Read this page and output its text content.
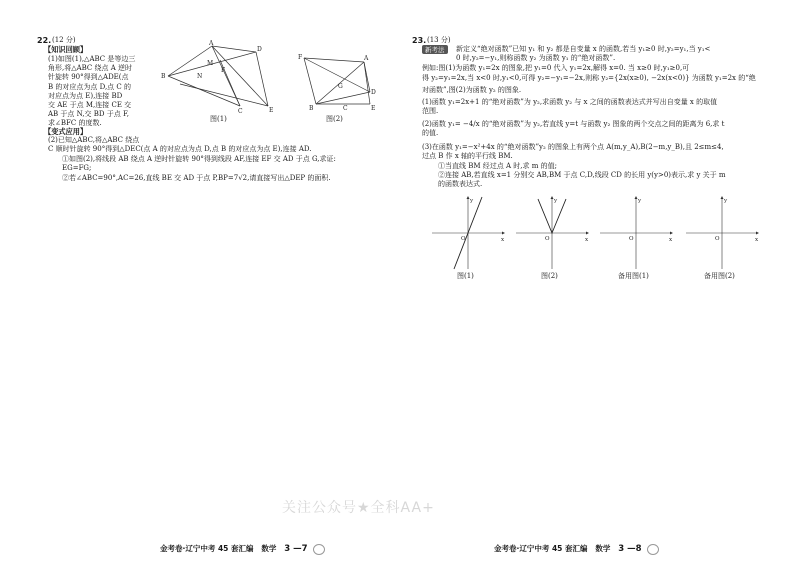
22. (12 分)
【知识回顾】
(1)如图(1),△ABC 是等边三
角形,将△ABC 绕点 A 逆时
针旋转 90°得到△ADE(点
B 的对应点为点 D,点 C 的
对应点为点 E),连接 BD
交 AE 于点 M,连接 CE 交
AB 于点 N,交 BD 于点 F,
求∠BFC 的度数.
【变式应用】
(2)已知△ABC,将△ABC 绕点
C 顺时针旋转 90°得到△DEC(点 A 的对应点为点 D,点 B 的对应点为点 E),连接 AD.
①如图(2),将线段 AB 绕点 A 逆时针旋转 90°得到线段 AF,连接 EF 交 AD 于点 G,求证:
EG=FG;
②若∠ABC=90°,AC=26,直线 BE 交 AD 于点 P,BP=7√2,请直接写出△DEP 的面积.
A
B
C
D
E
M
N
F
图(1)
F	A
G
B	C
D
E
图(2)
金考卷·辽宁中考 45 套汇编 数学 3 —7
23. (13 分)
新考法	新定义“绝对函数”已知 y₁ 和 y₂ 都是自变量 x 的函数,若当 y₁≥0 时,y₂=y₁,当 y₁<
0 时,y₂=−y₁,则称函数 y₂ 为函数 y₁ 的“绝对函数”.
例如:图(1)为函数 y₁=2x 的图象,把 y₁=0 代入 y₁=2x,解得 x=0. 当 x≥0 时,y₁≥0,可
得 y₂=y₁=2x,当 x<0 时,y₁<0,可得 y₂=−y₁=−2x,则称 y₂={2x(x≥0), −2x(x<0)} 为函数 y₁=2x 的“绝
对函数”,图(2)为函数 y₂ 的图象.
(1)函数 y₁=2x+1 的“绝对函数”为 y₂,求函数 y₂ 与 x 之间的函数表达式并写出自变量 x 的取值
范围.
(2)函数 y₁= −4/x 的“绝对函数”为 y₂,若直线 y=t 与函数 y₂ 图象的两个交点之间的距离为 6,求 t
的值.
(3)在函数 y₁=−x²+4x 的“绝对函数”y₂ 的图象上有两个点 A(m,y_A),B(2−m,y_B),且 2≤m≤4,
过点 B 作 x 轴的平行线 BM.
①当直线 BM 经过点 A 时,求 m 的值;
②连接 AB,若直线 x=1 分别交 AB,BM 于点 C,D,线段 CD 的长用 y(y>0)表示,求 y 关于 m
的函数表达式.
x
y
O
图(1)
x
y
O
图(2)
x
y
O
备用图(1)
x
y
O
备用图(2)
金考卷·辽宁中考 45 套汇编 数学 3 —8
关注公众号★全科AA+
